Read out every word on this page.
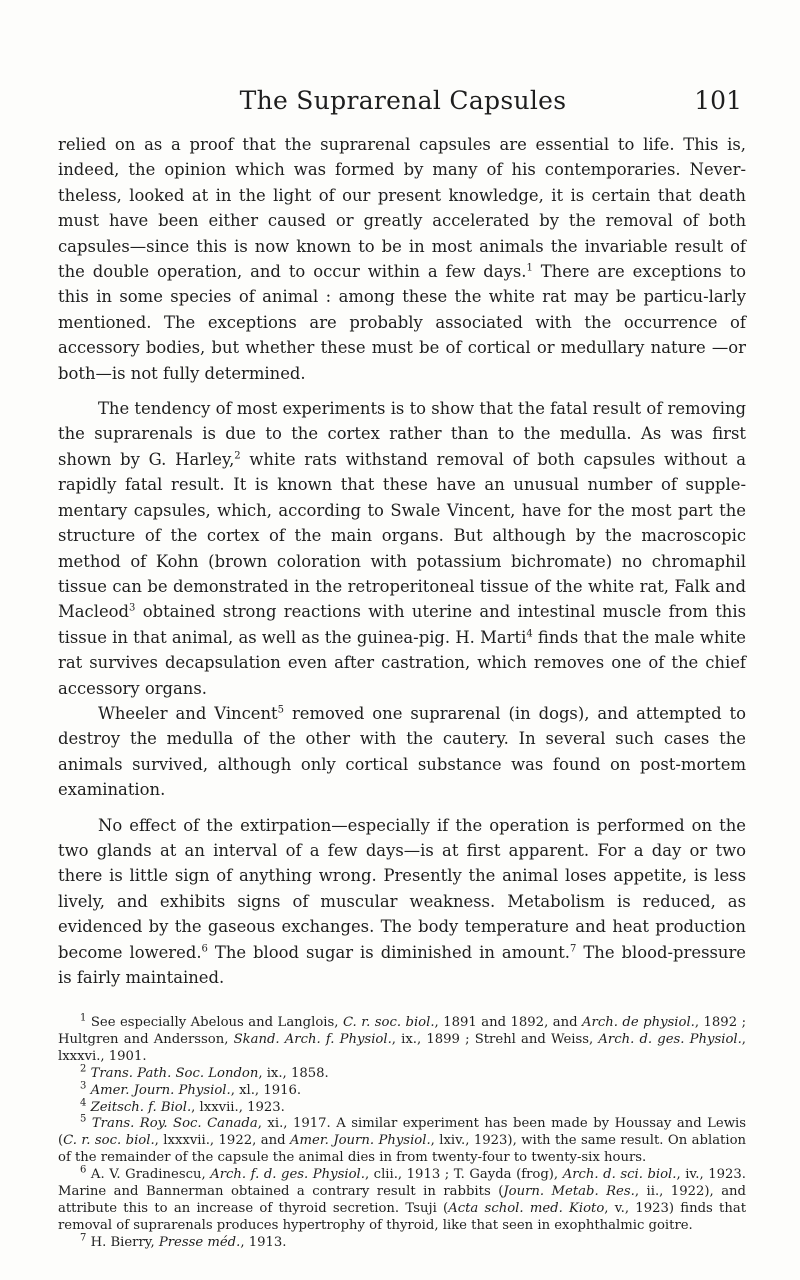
The Suprarenal Capsules	101

relied on as a proof that the suprarenal capsules are essential to life. This is, indeed, the opinion which was formed by many of his contemporaries. Never-theless, looked at in the light of our present knowledge, it is certain that death must have been either caused or greatly accelerated by the removal of both capsules—since this is now known to be in most animals the invariable result of the double operation, and to occur within a few days.$^1$ There are exceptions to this in some species of animal : among these the white rat may be particu-larly mentioned. The exceptions are probably associated with the occurrence of accessory bodies, but whether these must be of cortical or medullary nature —or both—is not fully determined.

The tendency of most experiments is to show that the fatal result of removing the suprarenals is due to the cortex rather than to the medulla. As was first shown by G. Harley,$^2$ white rats withstand removal of both capsules without a rapidly fatal result. It is known that these have an unusual number of supple-mentary capsules, which, according to Swale Vincent, have for the most part the structure of the cortex of the main organs. But although by the macroscopic method of Kohn (brown coloration with potassium bichromate) no chromaphil tissue can be demonstrated in the retroperitoneal tissue of the white rat, Falk and Macleod$^3$ obtained strong reactions with uterine and intestinal muscle from this tissue in that animal, as well as the guinea-pig. H. Marti$^4$ finds that the male white rat survives decapsulation even after castration, which removes one of the chief accessory organs.

Wheeler and Vincent$^5$ removed one suprarenal (in dogs), and attempted to destroy the medulla of the other with the cautery. In several such cases the animals survived, although only cortical substance was found on post-mortem examination.

No effect of the extirpation—especially if the operation is performed on the two glands at an interval of a few days—is at first apparent. For a day or two there is little sign of anything wrong. Presently the animal loses appetite, is less lively, and exhibits signs of muscular weakness. Metabolism is reduced, as evidenced by the gaseous exchanges. The body temperature and heat production become lowered.$^6$ The blood sugar is diminished in amount.$^7$ The blood-pressure is fairly maintained.

$^1$ See especially Abelous and Langlois, C. r. soc. biol., 1891 and 1892, and Arch. de physiol., 1892 ; Hultgren and Andersson, Skand. Arch. f. Physiol., ix., 1899 ; Strehl and Weiss, Arch. d. ges. Physiol., lxxxvi., 1901.

$^2$ Trans. Path. Soc. London, ix., 1858.

$^3$ Amer. Journ. Physiol., xl., 1916.

$^4$ Zeitsch. f. Biol., lxxvii., 1923.

$^5$ Trans. Roy. Soc. Canada, xi., 1917. A similar experiment has been made by Houssay and Lewis (C. r. soc. biol., lxxxvii., 1922, and Amer. Journ. Physiol., lxiv., 1923), with the same result. On ablation of the remainder of the capsule the animal dies in from twenty-four to twenty-six hours.

$^6$ A. V. Gradinescu, Arch. f. d. ges. Physiol., clii., 1913 ; T. Gayda (frog), Arch. d. sci. biol., iv., 1923. Marine and Bannerman obtained a contrary result in rabbits (Journ. Metab. Res., ii., 1922), and attribute this to an increase of thyroid secretion. Tsuji (Acta schol. med. Kioto, v., 1923) finds that removal of suprarenals produces hypertrophy of thyroid, like that seen in exophthalmic goitre.

$^7$ H. Bierry, Presse méd., 1913.
